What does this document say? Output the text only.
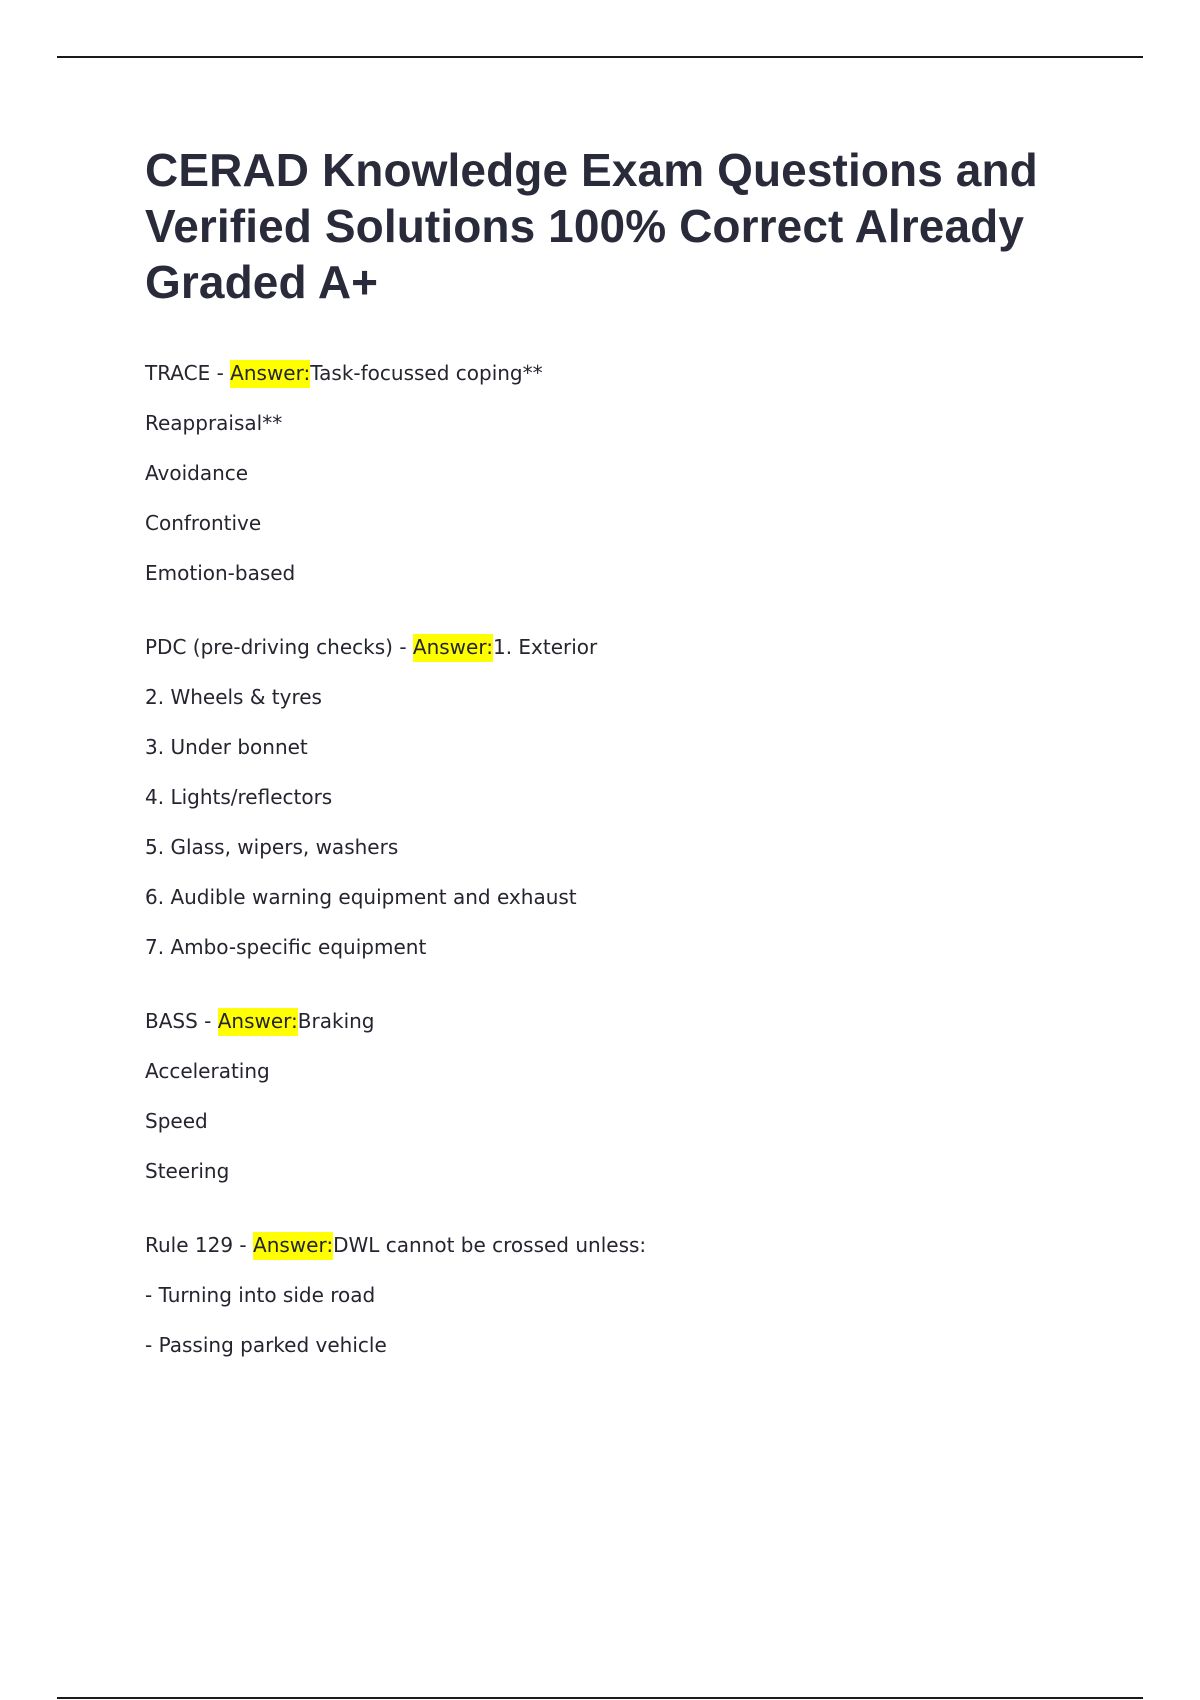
CERAD Knowledge Exam Questions and Verified Solutions 100% Correct Already Graded A+
TRACE - Answer:Task-focussed coping**
Reappraisal**
Avoidance
Confrontive
Emotion-based
PDC (pre-driving checks) - Answer:1. Exterior
2. Wheels & tyres
3. Under bonnet
4. Lights/reflectors
5. Glass, wipers, washers
6. Audible warning equipment and exhaust
7. Ambo-specific equipment
BASS - Answer:Braking
Accelerating
Speed
Steering
Rule 129 - Answer:DWL cannot be crossed unless:
- Turning into side road
- Passing parked vehicle
